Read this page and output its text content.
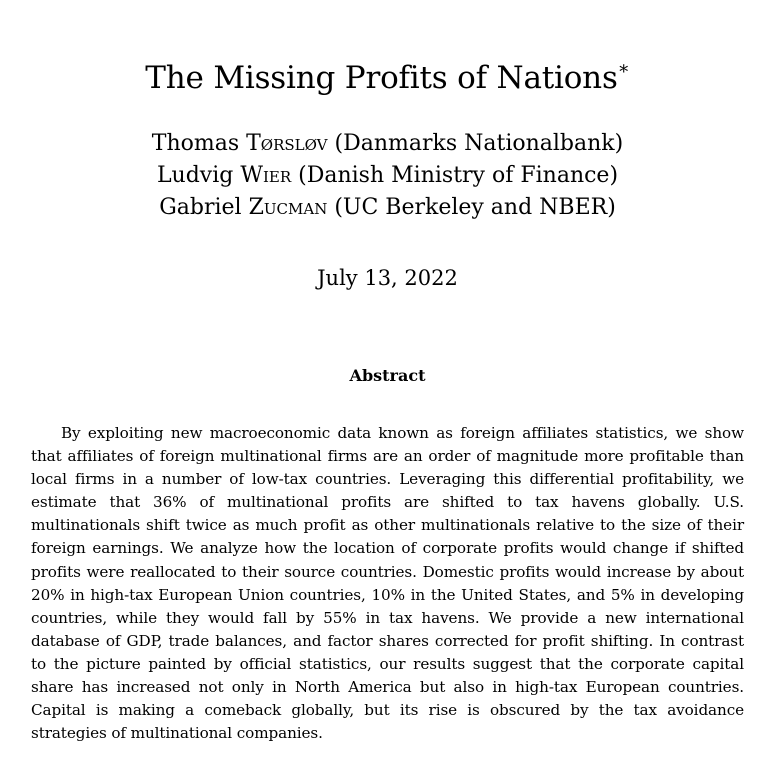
The Missing Profits of Nations∗
Thomas Tørsløv (Danmarks Nationalbank)
Ludvig Wier (Danish Ministry of Finance)
Gabriel Zucman (UC Berkeley and NBER)
July 13, 2022
Abstract

By exploiting new macroeconomic data known as foreign affiliates statistics, we show that affiliates of foreign multinational firms are an order of magnitude more profitable than local firms in a number of low-tax countries. Leveraging this differential profitability, we estimate that 36% of multinational profits are shifted to tax havens globally. U.S. multinationals shift twice as much profit as other multinationals relative to the size of their foreign earnings. We analyze how the location of corporate profits would change if shifted profits were reallocated to their source countries. Domestic profits would increase by about 20% in high-tax European Union countries, 10% in the United States, and 5% in developing countries, while they would fall by 55% in tax havens. We provide a new international database of GDP, trade balances, and factor shares corrected for profit shifting. In contrast to the picture painted by official statistics, our results suggest that the corporate capital share has increased not only in North America but also in high-tax European countries. Capital is making a comeback globally, but its rise is obscured by the tax avoidance strategies of multinational companies.
